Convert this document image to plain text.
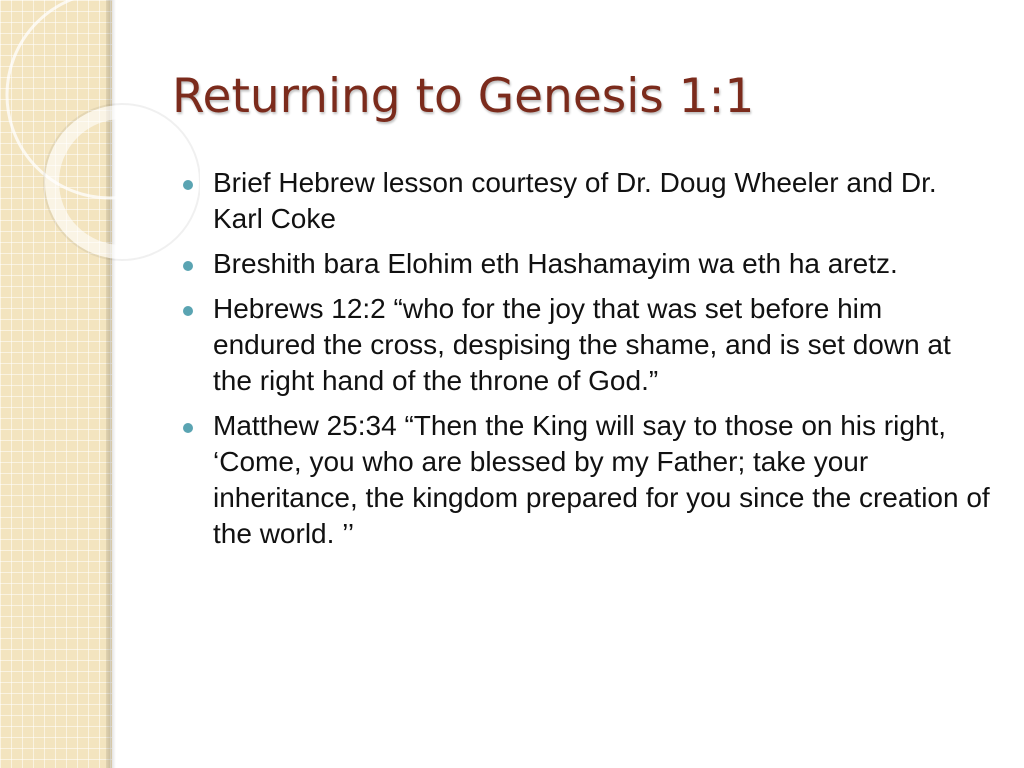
Returning to Genesis 1:1
Brief Hebrew lesson courtesy of Dr. Doug Wheeler and Dr. Karl Coke
Breshith bara Elohim eth Hashamayim wa eth ha aretz.
Hebrews 12:2 “who for the joy that was set before him endured the cross, despising the shame, and is set down at the right hand of the throne of God.”
Matthew 25:34 “Then the King will say to those on his right, ‘Come, you who are blessed by my Father; take your inheritance, the kingdom prepared for you since the creation of the world. ’’
